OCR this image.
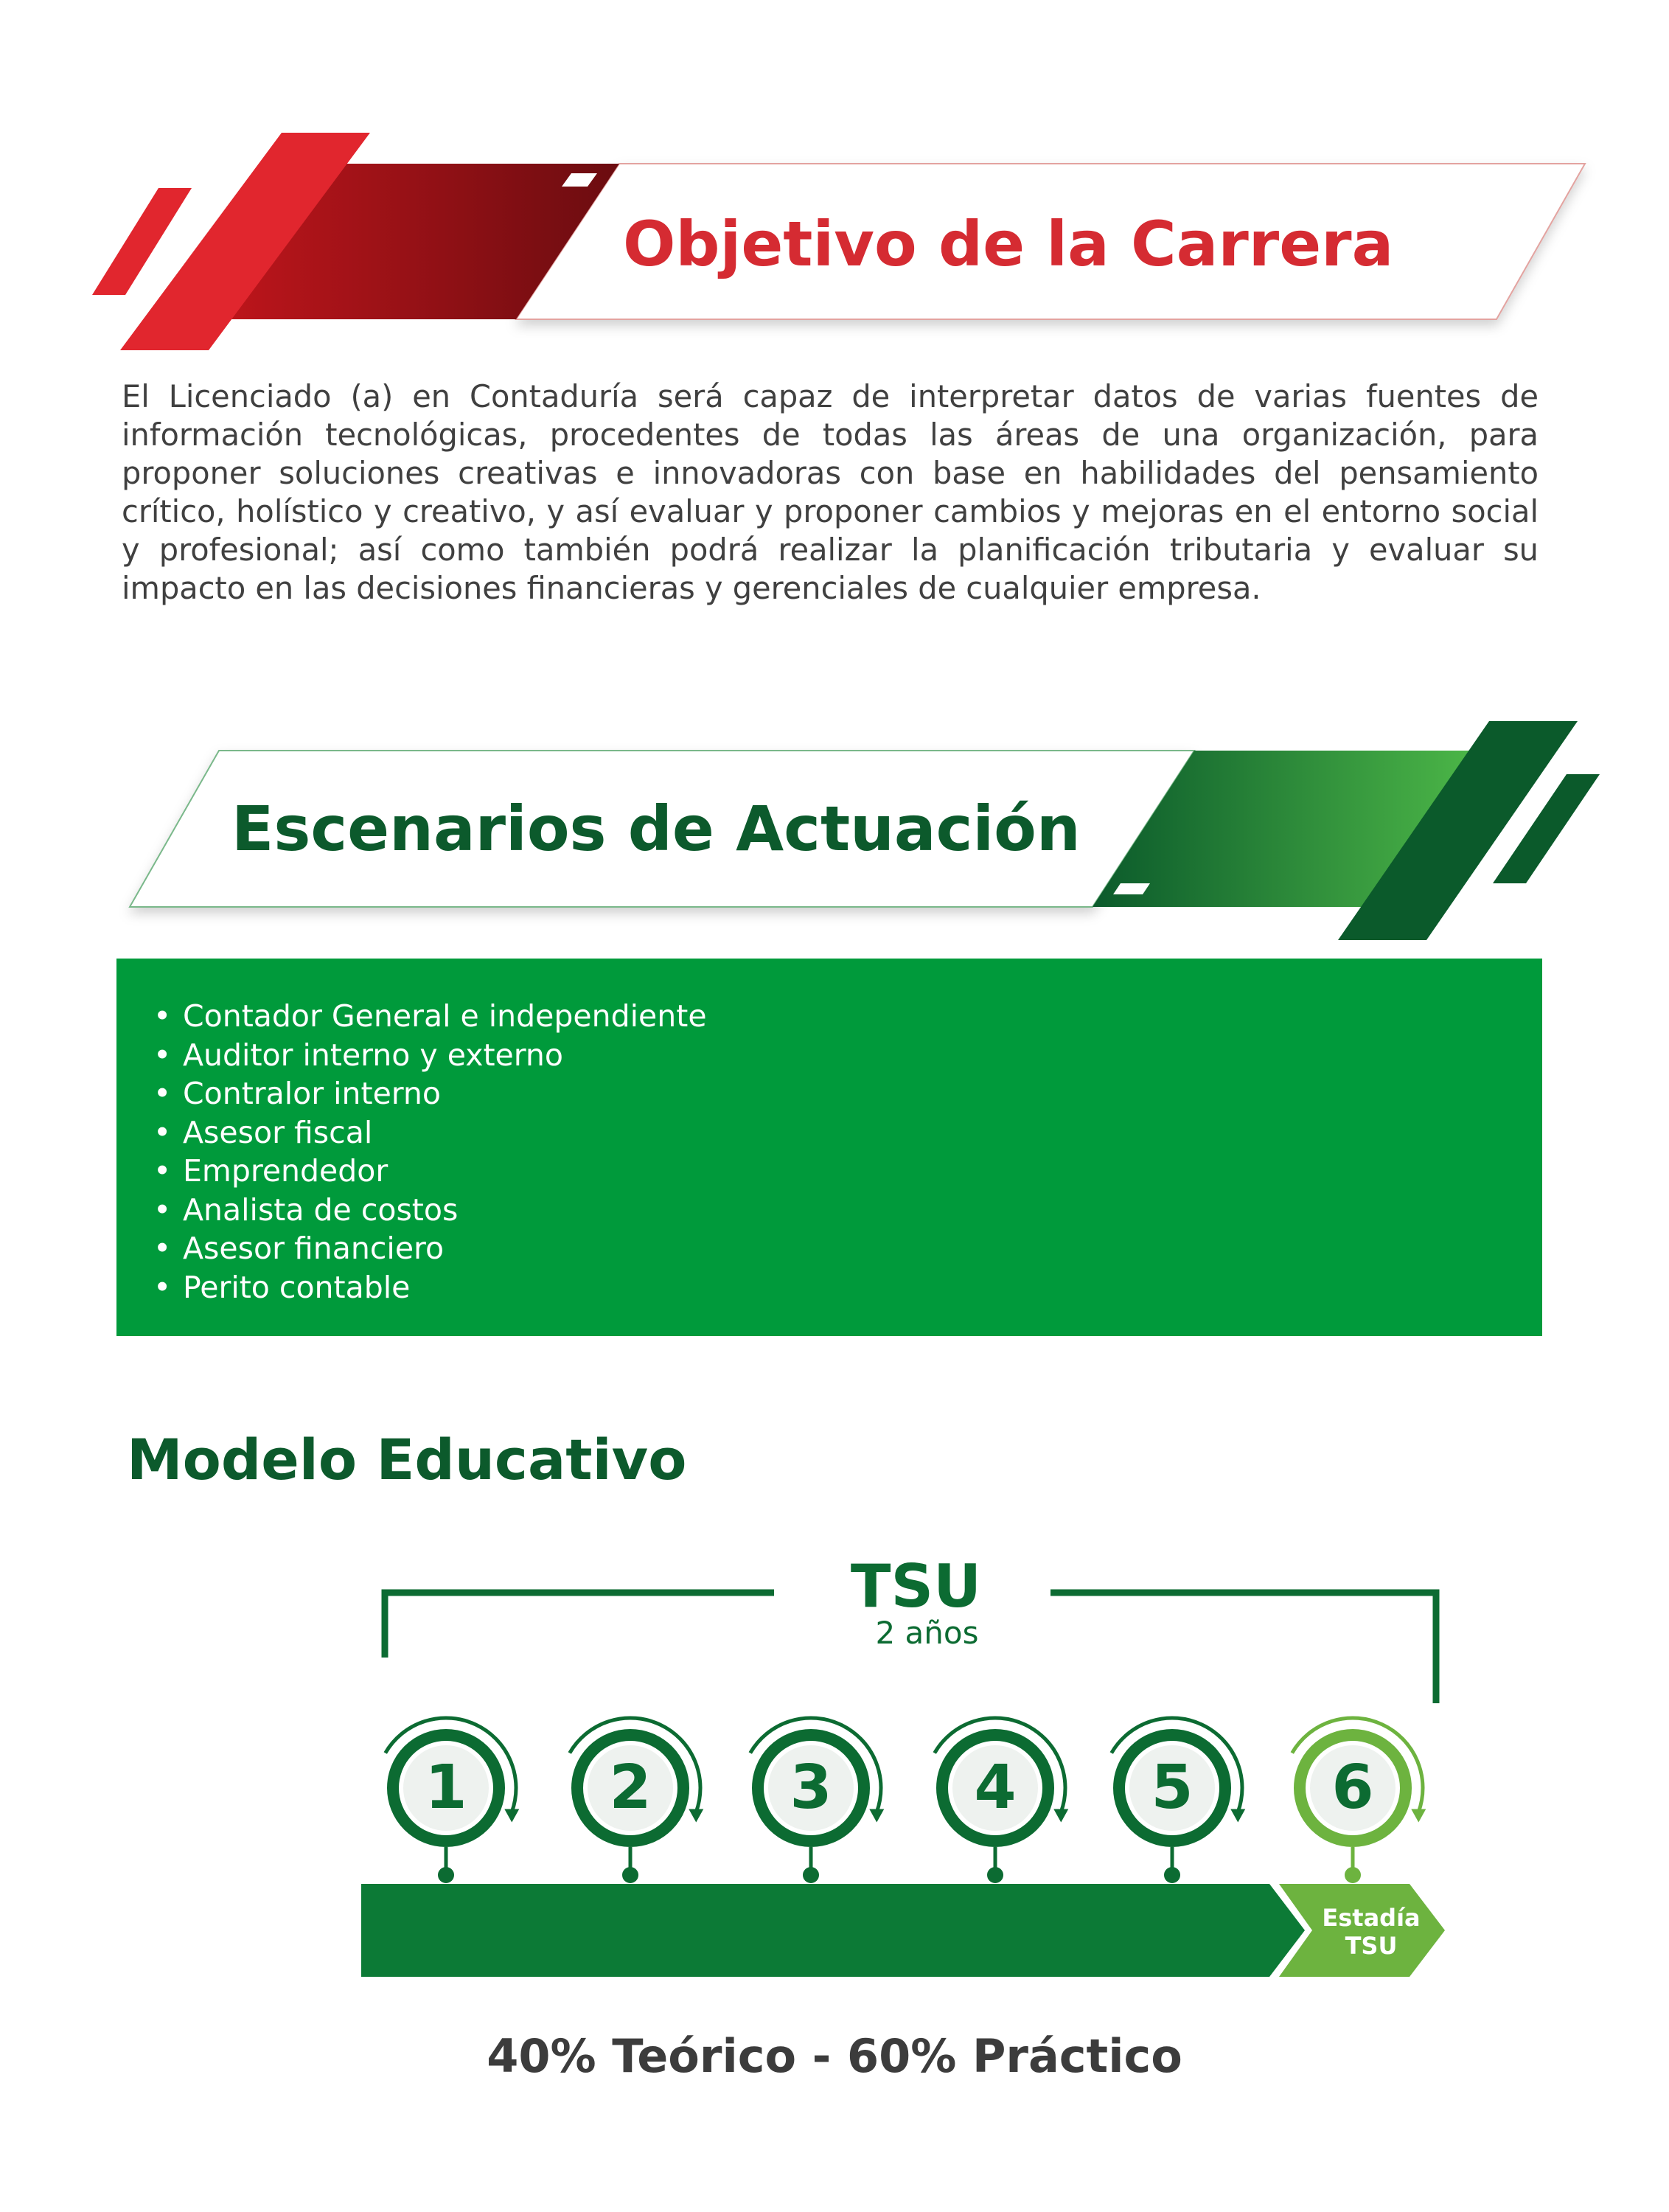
Objetivo de la Carrera
El Licenciado (a) en Contaduría será capaz de interpretar datos de varias fuentes de información tecnológicas, procedentes de todas las áreas de una organización, para proponer soluciones creativas e innovadoras con base en habilidades del pensamiento crítico, holístico y creativo, y así evaluar y proponer cambios y mejoras en el entorno social y profesional; así como también podrá realizar la planificación tributaria y evaluar su impacto en las decisiones financieras y gerenciales de cualquier empresa.
Escenarios de Actuación
• Contador General e independiente
• Auditor interno y externo
• Contralor interno
• Asesor fiscal
• Emprendedor
• Analista de costos
• Asesor financiero
• Perito contable
Modelo Educativo
TSU
2 años
1	2	3	4	5	6
Estadía
TSU
40% Teórico - 60% Práctico
